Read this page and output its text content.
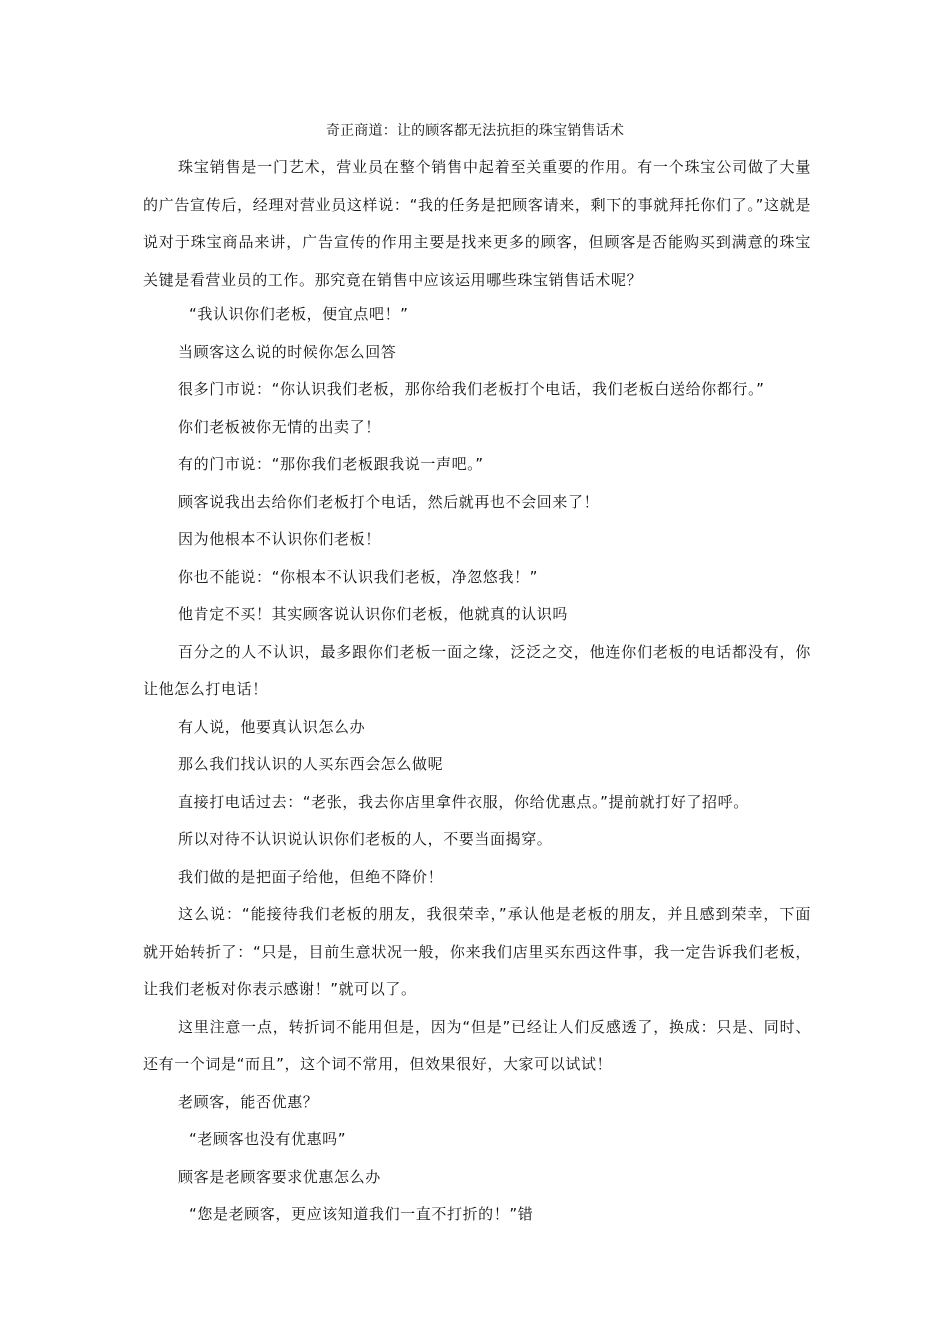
奇正商道：让的顾客都无法抗拒的珠宝销售话术

珠宝销售是一门艺术，营业员在整个销售中起着至关重要的作用。有一个珠宝公司做了大量的广告宣传后，经理对营业员这样说：“我的任务是把顾客请来，剩下的事就拜托你们了。”这就是说对于珠宝商品来讲，广告宣传的作用主要是找来更多的顾客，但顾客是否能购买到满意的珠宝关键是看营业员的工作。那究竟在销售中应该运用哪些珠宝销售话术呢？

“我认识你们老板，便宜点吧！”

当顾客这么说的时候你怎么回答

很多门市说：“你认识我们老板，那你给我们老板打个电话，我们老板白送给你都行。”

你们老板被你无情的出卖了！

有的门市说：“那你我们老板跟我说一声吧。”

顾客说我出去给你们老板打个电话，然后就再也不会回来了！

因为他根本不认识你们老板！

你也不能说：“你根本不认识我们老板，净忽悠我！”

他肯定不买！其实顾客说认识你们老板，他就真的认识吗

百分之的人不认识，最多跟你们老板一面之缘，泛泛之交，他连你们老板的电话都没有，你让他怎么打电话！

有人说，他要真认识怎么办

那么我们找认识的人买东西会怎么做呢

直接打电话过去：“老张，我去你店里拿件衣服，你给优惠点。”提前就打好了招呼。

所以对待不认识说认识你们老板的人，不要当面揭穿。

我们做的是把面子给他，但绝不降价！

这么说：“能接待我们老板的朋友，我很荣幸，”承认他是老板的朋友，并且感到荣幸，下面就开始转折了：“只是，目前生意状况一般，你来我们店里买东西这件事，我一定告诉我们老板，让我们老板对你表示感谢！”就可以了。

这里注意一点，转折词不能用但是，因为“但是”已经让人们反感透了，换成：只是、同时、还有一个词是“而且”，这个词不常用，但效果很好，大家可以试试！

老顾客，能否优惠？

“老顾客也没有优惠吗”

顾客是老顾客要求优惠怎么办

“您是老顾客，更应该知道我们一直不打折的！”错
